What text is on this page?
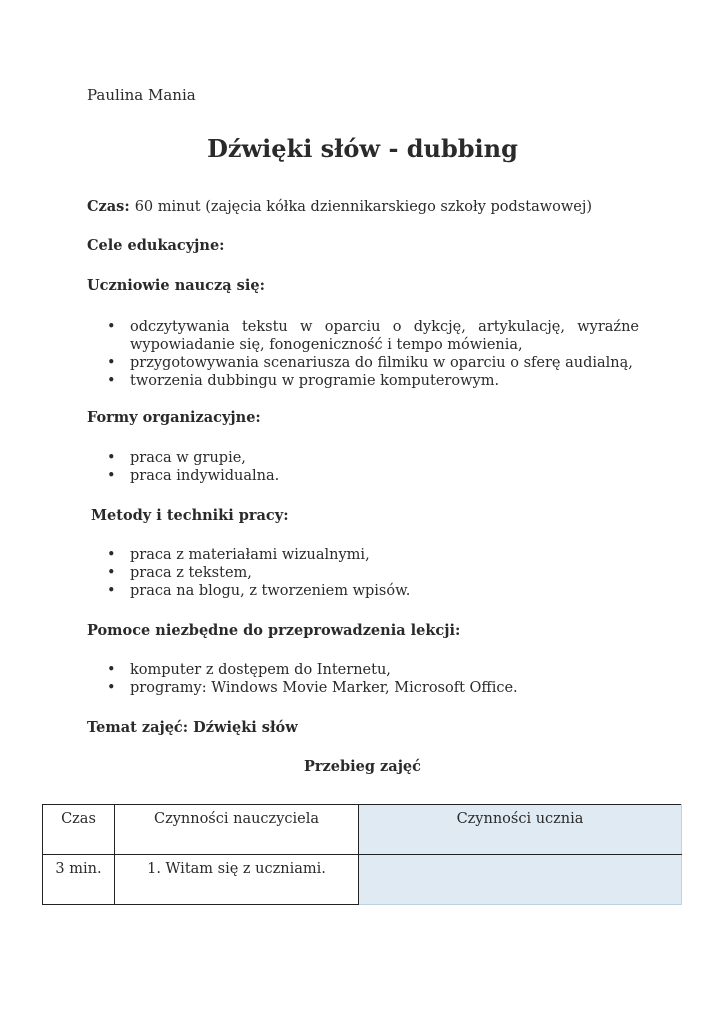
Paulina Mania
Dźwięki słów - dubbing
Czas: 60 minut (zajęcia kółka dziennikarskiego szkoły podstawowej)
Cele edukacyjne:
Uczniowie nauczą się:
• odczytywania tekstu w oparciu o dykcję, artykulację, wyraźne wypowiadanie się, fonogeniczność i tempo mówienia,
• przygotowywania scenariusza do filmiku w oparciu o sferę audialną,
• tworzenia dubbingu w programie komputerowym.
Formy organizacyjne:
• praca w grupie,
• praca indywidualna.
Metody i techniki pracy:
• praca z materiałami wizualnymi,
• praca z tekstem,
• praca na blogu, z tworzeniem wpisów.
Pomoce niezbędne do przeprowadzenia lekcji:
• komputer z dostępem do Internetu,
• programy: Windows Movie Marker, Microsoft Office.
Temat zajęć: Dźwięki słów
Przebieg zajęć
Czas	Czynności nauczyciela	Czynności ucznia
3 min.	1. Witam się z uczniami.	
